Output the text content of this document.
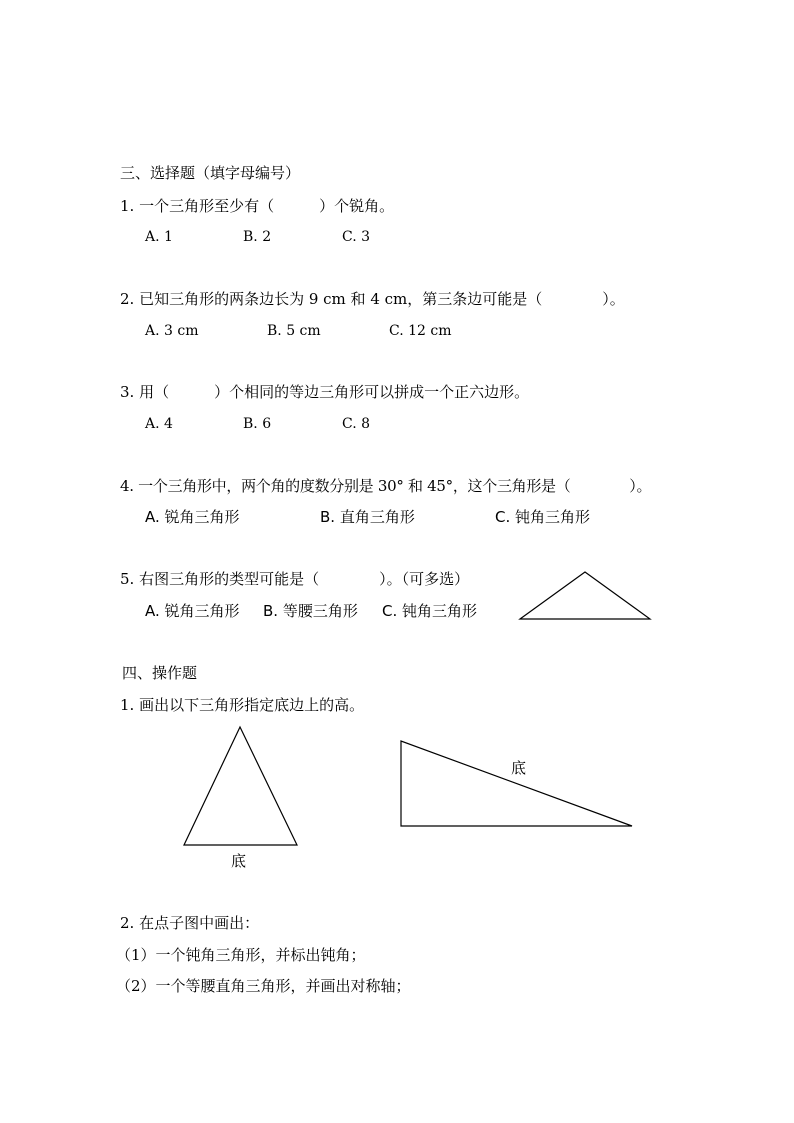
三、选择题（填字母编号）
1. 一个三角形至少有（　　　）个锐角。
A. 1	B. 2	C. 3
2. 已知三角形的两条边长为 9 cm 和 4 cm，第三条边可能是（　　　　）。
A. 3 cm	B. 5 cm	C. 12 cm
3. 用（　　　）个相同的等边三角形可以拼成一个正六边形。
A. 4	B. 6	C. 8
4. 一个三角形中，两个角的度数分别是 30° 和 45°，这个三角形是（　　　　）。
A. 锐角三角形	B. 直角三角形	C. 钝角三角形
5. 右图三角形的类型可能是（　　　　）。（可多选）
A. 锐角三角形 B. 等腰三角形 C. 钝角三角形
四、操作题
1. 画出以下三角形指定底边上的高。
底
底
2. 在点子图中画出：
（1）一个钝角三角形，并标出钝角；
（2）一个等腰直角三角形，并画出对称轴；
